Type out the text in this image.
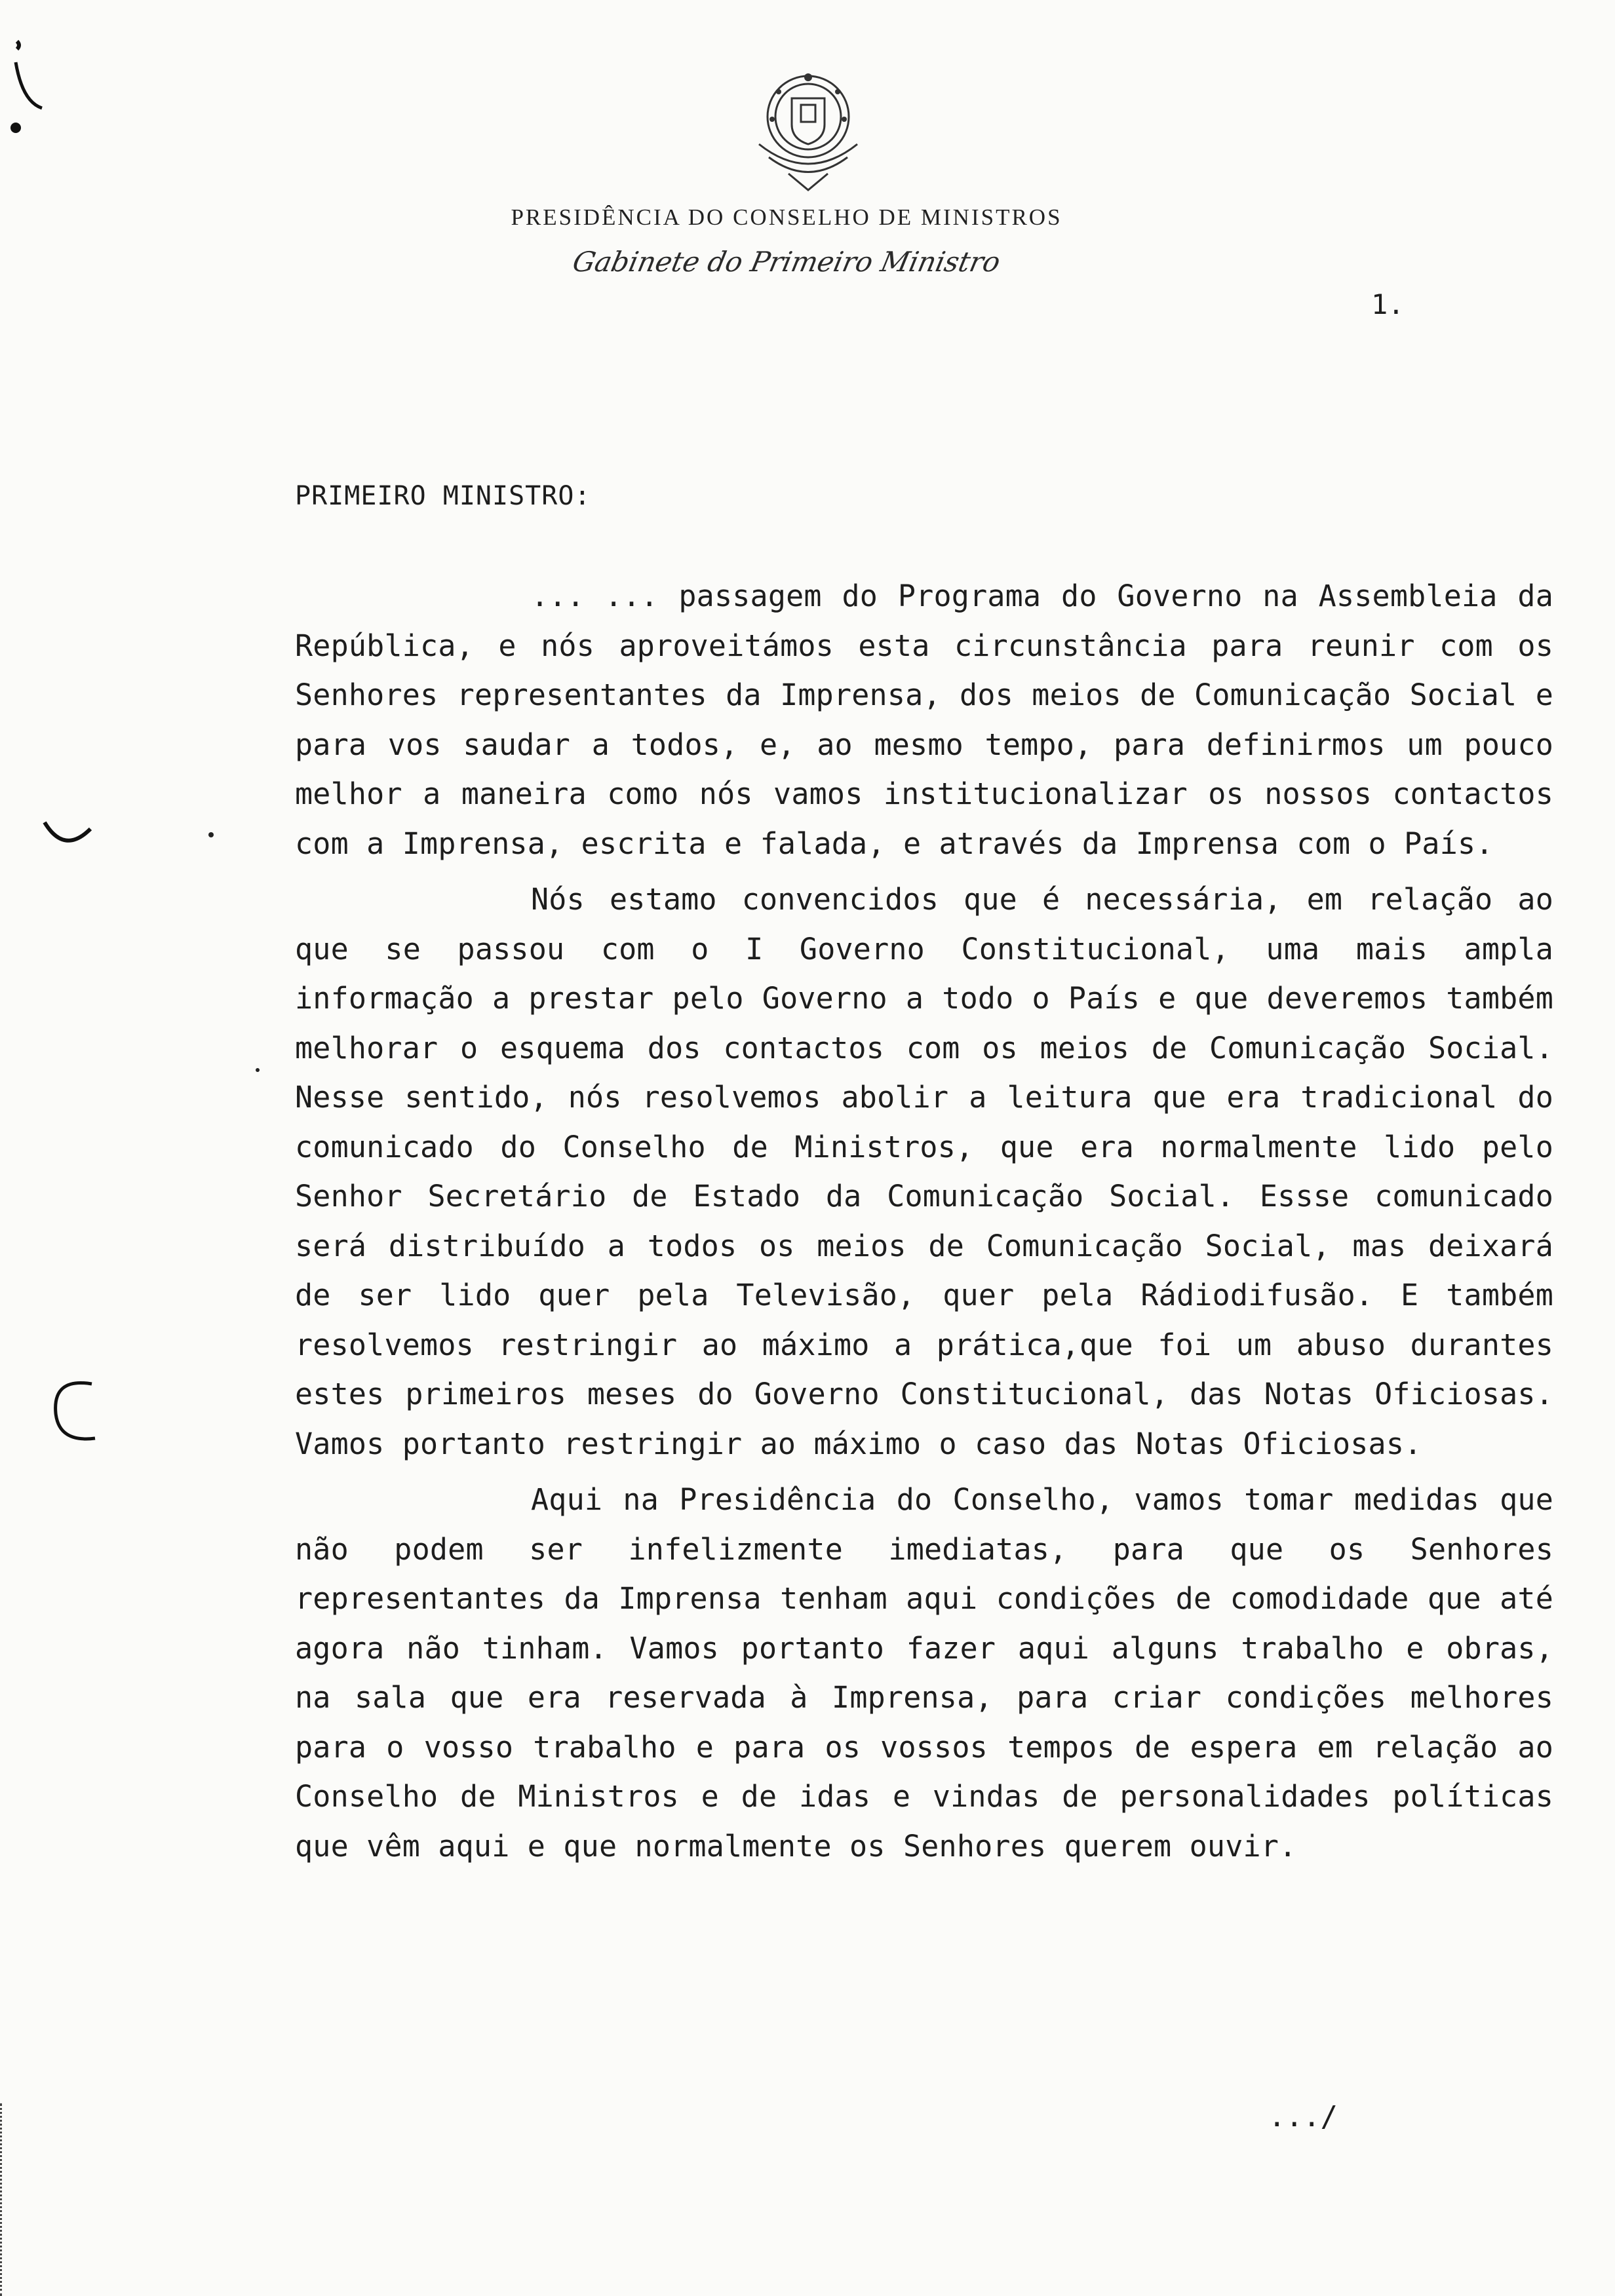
PRESIDÊNCIA DO CONSELHO DE MINISTROS
Gabinete do Primeiro Ministro
1.
PRIMEIRO MINISTRO:

... ... passagem do Programa do Governo na Assembleia da República, e nós aproveitámos esta circunstância para reunir com os Senhores representantes da Imprensa, dos meios de Comunicação Social e para vos saudar a todos, e, ao mesmo tempo, para definirmos um pouco melhor a maneira como nós vamos institucionalizar os nossos contactos com a Imprensa, escrita e falada, e através da Imprensa com o País.

Nós estamo convencidos que é necessária, em relação ao que se passou com o I Governo Constitucional, uma mais ampla informação a prestar pelo Governo a todo o País e que deveremos também melhorar o esquema dos contactos com os meios de Comunicação Social. Nesse sentido, nós resolvemos abolir a leitura que era tradicional do comunicado do Conselho de Ministros, que era normalmente lido pelo Senhor Secretário de Estado da Comunicação Social. Essse comunicado será distribuído a todos os meios de Comunicação Social, mas deixará de ser lido quer pela Televisão, quer pela Rádiodifusão. E também resolvemos restringir ao máximo a prática,que foi um abuso durantes estes primeiros meses do Governo Constitucional, das Notas Oficiosas. Vamos portanto restringir ao máximo o caso das Notas Oficiosas.

Aqui na Presidência do Conselho, vamos tomar medidas que não podem ser infelizmente imediatas, para que os Senhores representantes da Imprensa tenham aqui condições de comodidade que até agora não tinham. Vamos portanto fazer aqui alguns trabalho e obras, na sala que era reservada à Imprensa, para criar condições melhores para o vosso trabalho e para os vossos tempos de espera em relação ao Conselho de Ministros e de idas e vindas de personalidades políticas que vêm aqui e que normalmente os Senhores querem ouvir.

.../
